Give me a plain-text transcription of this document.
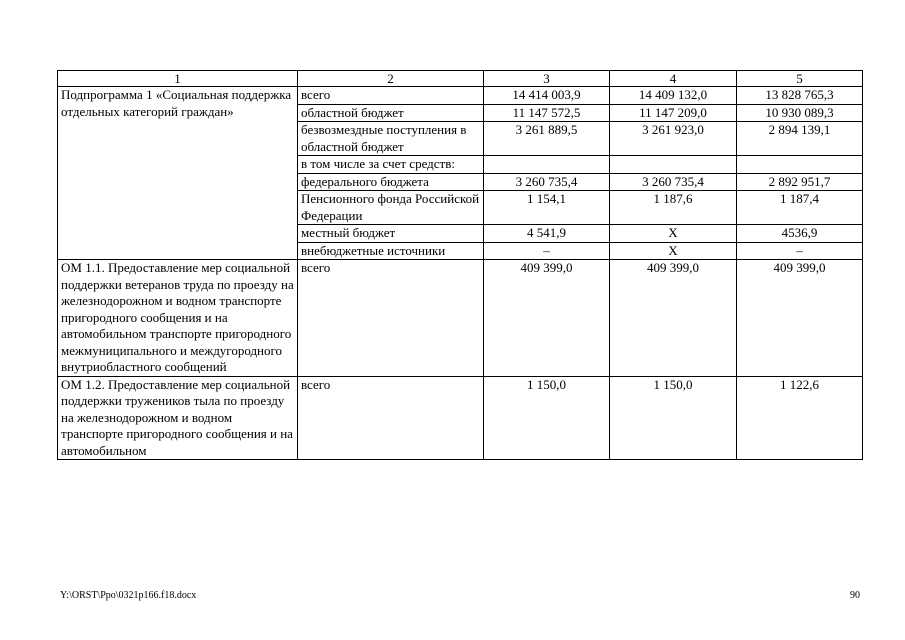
1	2	3	4	5
Подпрограмма 1 «Социальная поддержка отдельных категорий граждан»	всего	14 414 003,9	14 409 132,0	13 828 765,3
	областной бюджет	11 147 572,5	11 147 209,0	10 930 089,3
	безвозмездные поступления в областной бюджет	3 261 889,5	3 261 923,0	2 894 139,1
	в том числе за счет средств:			
	федерального бюджета	3 260 735,4	3 260 735,4	2 892 951,7
	Пенсионного фонда Российской Федерации	1 154,1	1 187,6	1 187,4
	местный бюджет	4 541,9	X	4536,9
	внебюджетные источники	–	X	–
ОМ 1.1. Предоставление мер социальной поддержки ветеранов труда по проезду на железнодорожном и водном транспорте пригородного сообщения и на автомобильном транспорте пригородного межмуниципального и междугородного внутриобластного сообщений	всего	409 399,0	409 399,0	409 399,0
ОМ 1.2. Предоставление мер социальной поддержки тружеников тыла по проезду на железнодорожном и водном транспорте пригородного сообщения и на автомобильном	всего	1 150,0	1 150,0	1 122,6
Y:\ORST\Ppo\0321p166.f18.docx	90
